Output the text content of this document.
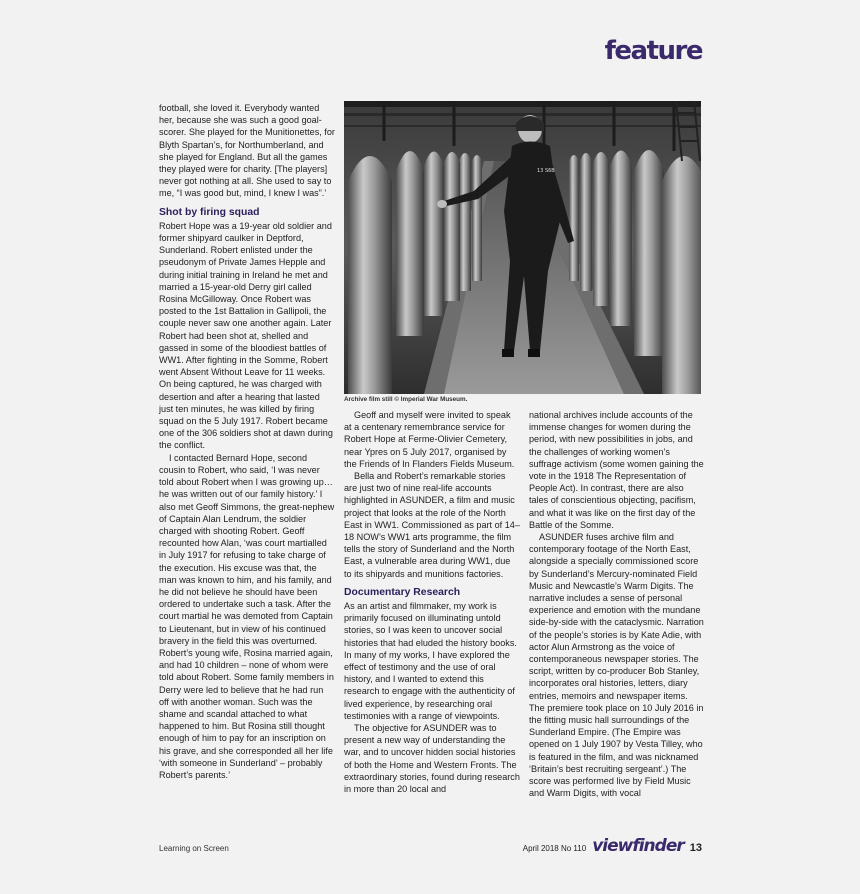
feature

football, she loved it. Everybody wanted her, because she was such a good goal-scorer. She played for the Munitionettes, for Blyth Spartan’s, for Northumberland, and she played for England. But all the games they played were for charity. [The players] never got nothing at all. She used to say to me, “I was good but, mind, I knew I was”.’

Shot by firing squad

Robert Hope was a 19-year old soldier and former shipyard caulker in Deptford, Sunderland. Robert enlisted under the pseudonym of Private James Hepple and during initial training in Ireland he met and married a 15-year-old Derry girl called Rosina McGilloway. Once Robert was posted to the 1st Battalion in Gallipoli, the couple never saw one another again. Later Robert had been shot at, shelled and gassed in some of the bloodiest battles of WW1. After fighting in the Somme, Robert went Absent Without Leave for 11 weeks. On being captured, he was charged with desertion and after a hearing that lasted just ten minutes, he was killed by firing squad on the 5 July 1917. Robert became one of the 306 soldiers shot at dawn during the conflict.

I contacted Bernard Hope, second cousin to Robert, who said, ‘I was never told about Robert when I was growing up… he was written out of our family history.’ I also met Geoff Simmons, the great-nephew of Captain Alan Lendrum, the soldier charged with shooting Robert. Geoff recounted how Alan, ‘was court martialled in July 1917 for refusing to take charge of the execution. His excuse was that, the man was known to him, and his family, and he did not believe he should have been ordered to undertake such a task. After the court martial he was demoted from Captain to Lieutenant, but in view of his continued bravery in the field this was overturned. Robert’s young wife, Rosina married again, and had 10 children – none of whom were told about Robert. Some family members in Derry were led to believe that he had run off with another woman. Such was the shame and scandal attached to what happened to him. But Rosina still thought enough of him to pay for an inscription on his grave, and she corresponded all her life ‘with someone in Sunderland’ – probably Robert’s parents.’

13 S6B
Archive film still © Imperial War Museum.

Geoff and myself were invited to speak at a centenary remembrance service for Robert Hope at Ferme-Olivier Cemetery, near Ypres on 5 July 2017, organised by the Friends of In Flanders Fields Museum.

Bella and Robert’s remarkable stories are just two of nine real-life accounts highlighted in ASUNDER, a film and music project that looks at the role of the North East in WW1. Commissioned as part of 14–18 NOW’s WW1 arts programme, the film tells the story of Sunderland and the North East, a vulnerable area during WW1, due to its shipyards and munitions factories.

Documentary Research

As an artist and filmmaker, my work is primarily focused on illuminating untold stories, so I was keen to uncover social histories that had eluded the history books. In many of my works, I have explored the effect of testimony and the use of oral history, and I wanted to extend this research to engage with the authenticity of lived experience, by researching oral testimonies with a range of viewpoints.

The objective for ASUNDER was to present a new way of understanding the war, and to uncover hidden social histories of both the Home and Western Fronts. The extraordinary stories, found during research in more than 20 local and

national archives include accounts of the immense changes for women during the period, with new possibilities in jobs, and the challenges of working women’s suffrage activism (some women gaining the vote in the 1918 The Representation of People Act). In contrast, there are also tales of conscientious objecting, pacifism, and what it was like on the first day of the Battle of the Somme.

ASUNDER fuses archive film and contemporary footage of the North East, alongside a specially commissioned score by Sunderland’s Mercury-nominated Field Music and Newcastle’s Warm Digits. The narrative includes a sense of personal experience and emotion with the mundane side-by-side with the cataclysmic. Narration of the people’s stories is by Kate Adie, with actor Alun Armstrong as the voice of contemporaneous newspaper stories. The script, written by co-producer Bob Stanley, incorporates oral histories, letters, diary entries, memoirs and newspaper items. The premiere took place on 10 July 2016 in the fitting music hall surroundings of the Sunderland Empire. (The Empire was opened on 1 July 1907 by Vesta Tilley, who is featured in the film, and was nicknamed ‘Britain’s best recruiting sergeant’.) The score was performed live by Field Music and Warm Digits, with vocal

Learning on Screen	April 2018 No 110 viewfinder 13
